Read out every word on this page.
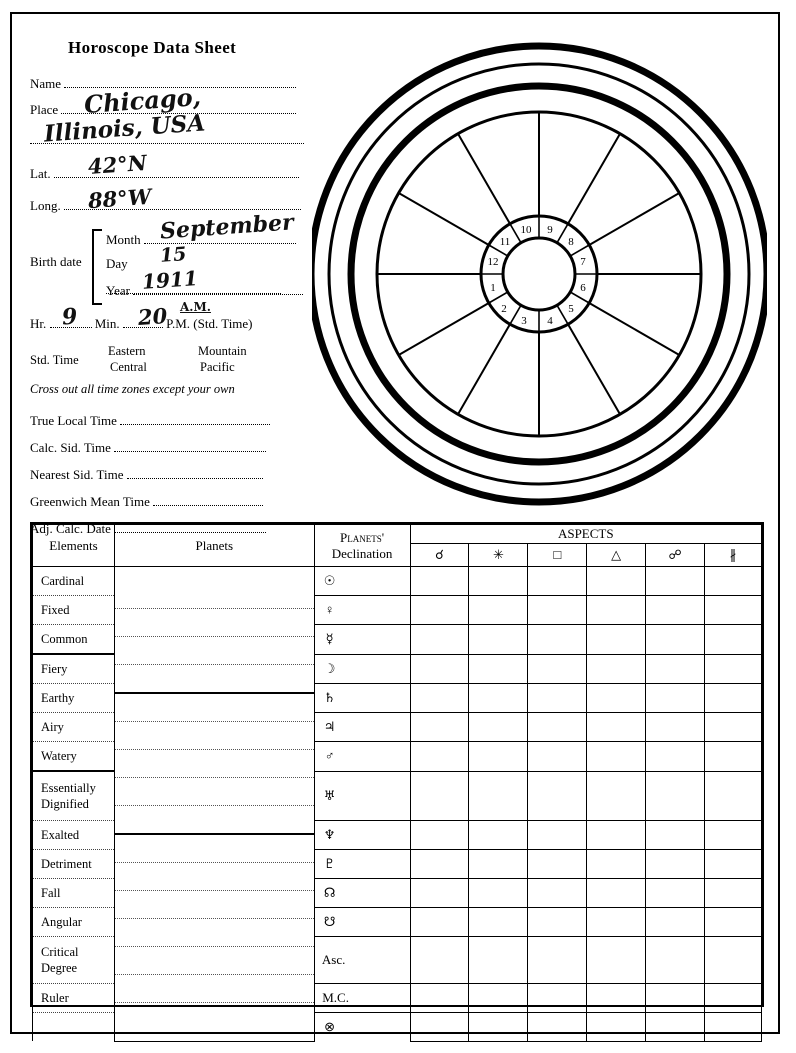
Horoscope Data Sheet
Name
Place Chicago,
Illinois, USA
Lat. 42°N
Long. 88°W
Birth date
Month September
Day	15
Year 1911
Hr.	Min.	P.M. (Std. Time)
9	20 A.M.
Std. Time
Eastern
Central
Mountain
Pacific
Cross out all time zones except your own
True Local Time
Calc. Sid. Time
Nearest Sid. Time
Greenwich Mean Time
Adj. Calc. Date
1
2
3 4
5
6
7
8
9
10
11
12
Elements	Planets	Planets'
Declination	ASPECTS					
			☌	✳	□	△	☍	∦
Cardinal		☉						
Fixed		♀						
Common		☿						
Fiery		☽						
Earthy		♄						
Airy		♃						
Watery		♂						
Essentially Dignified		♅						
Exalted		♆						
Detriment		♇						
Fall		☊						
Angular		☋						
Critical Degree		Asc.						
Ruler		M.C.						
		⊗						
